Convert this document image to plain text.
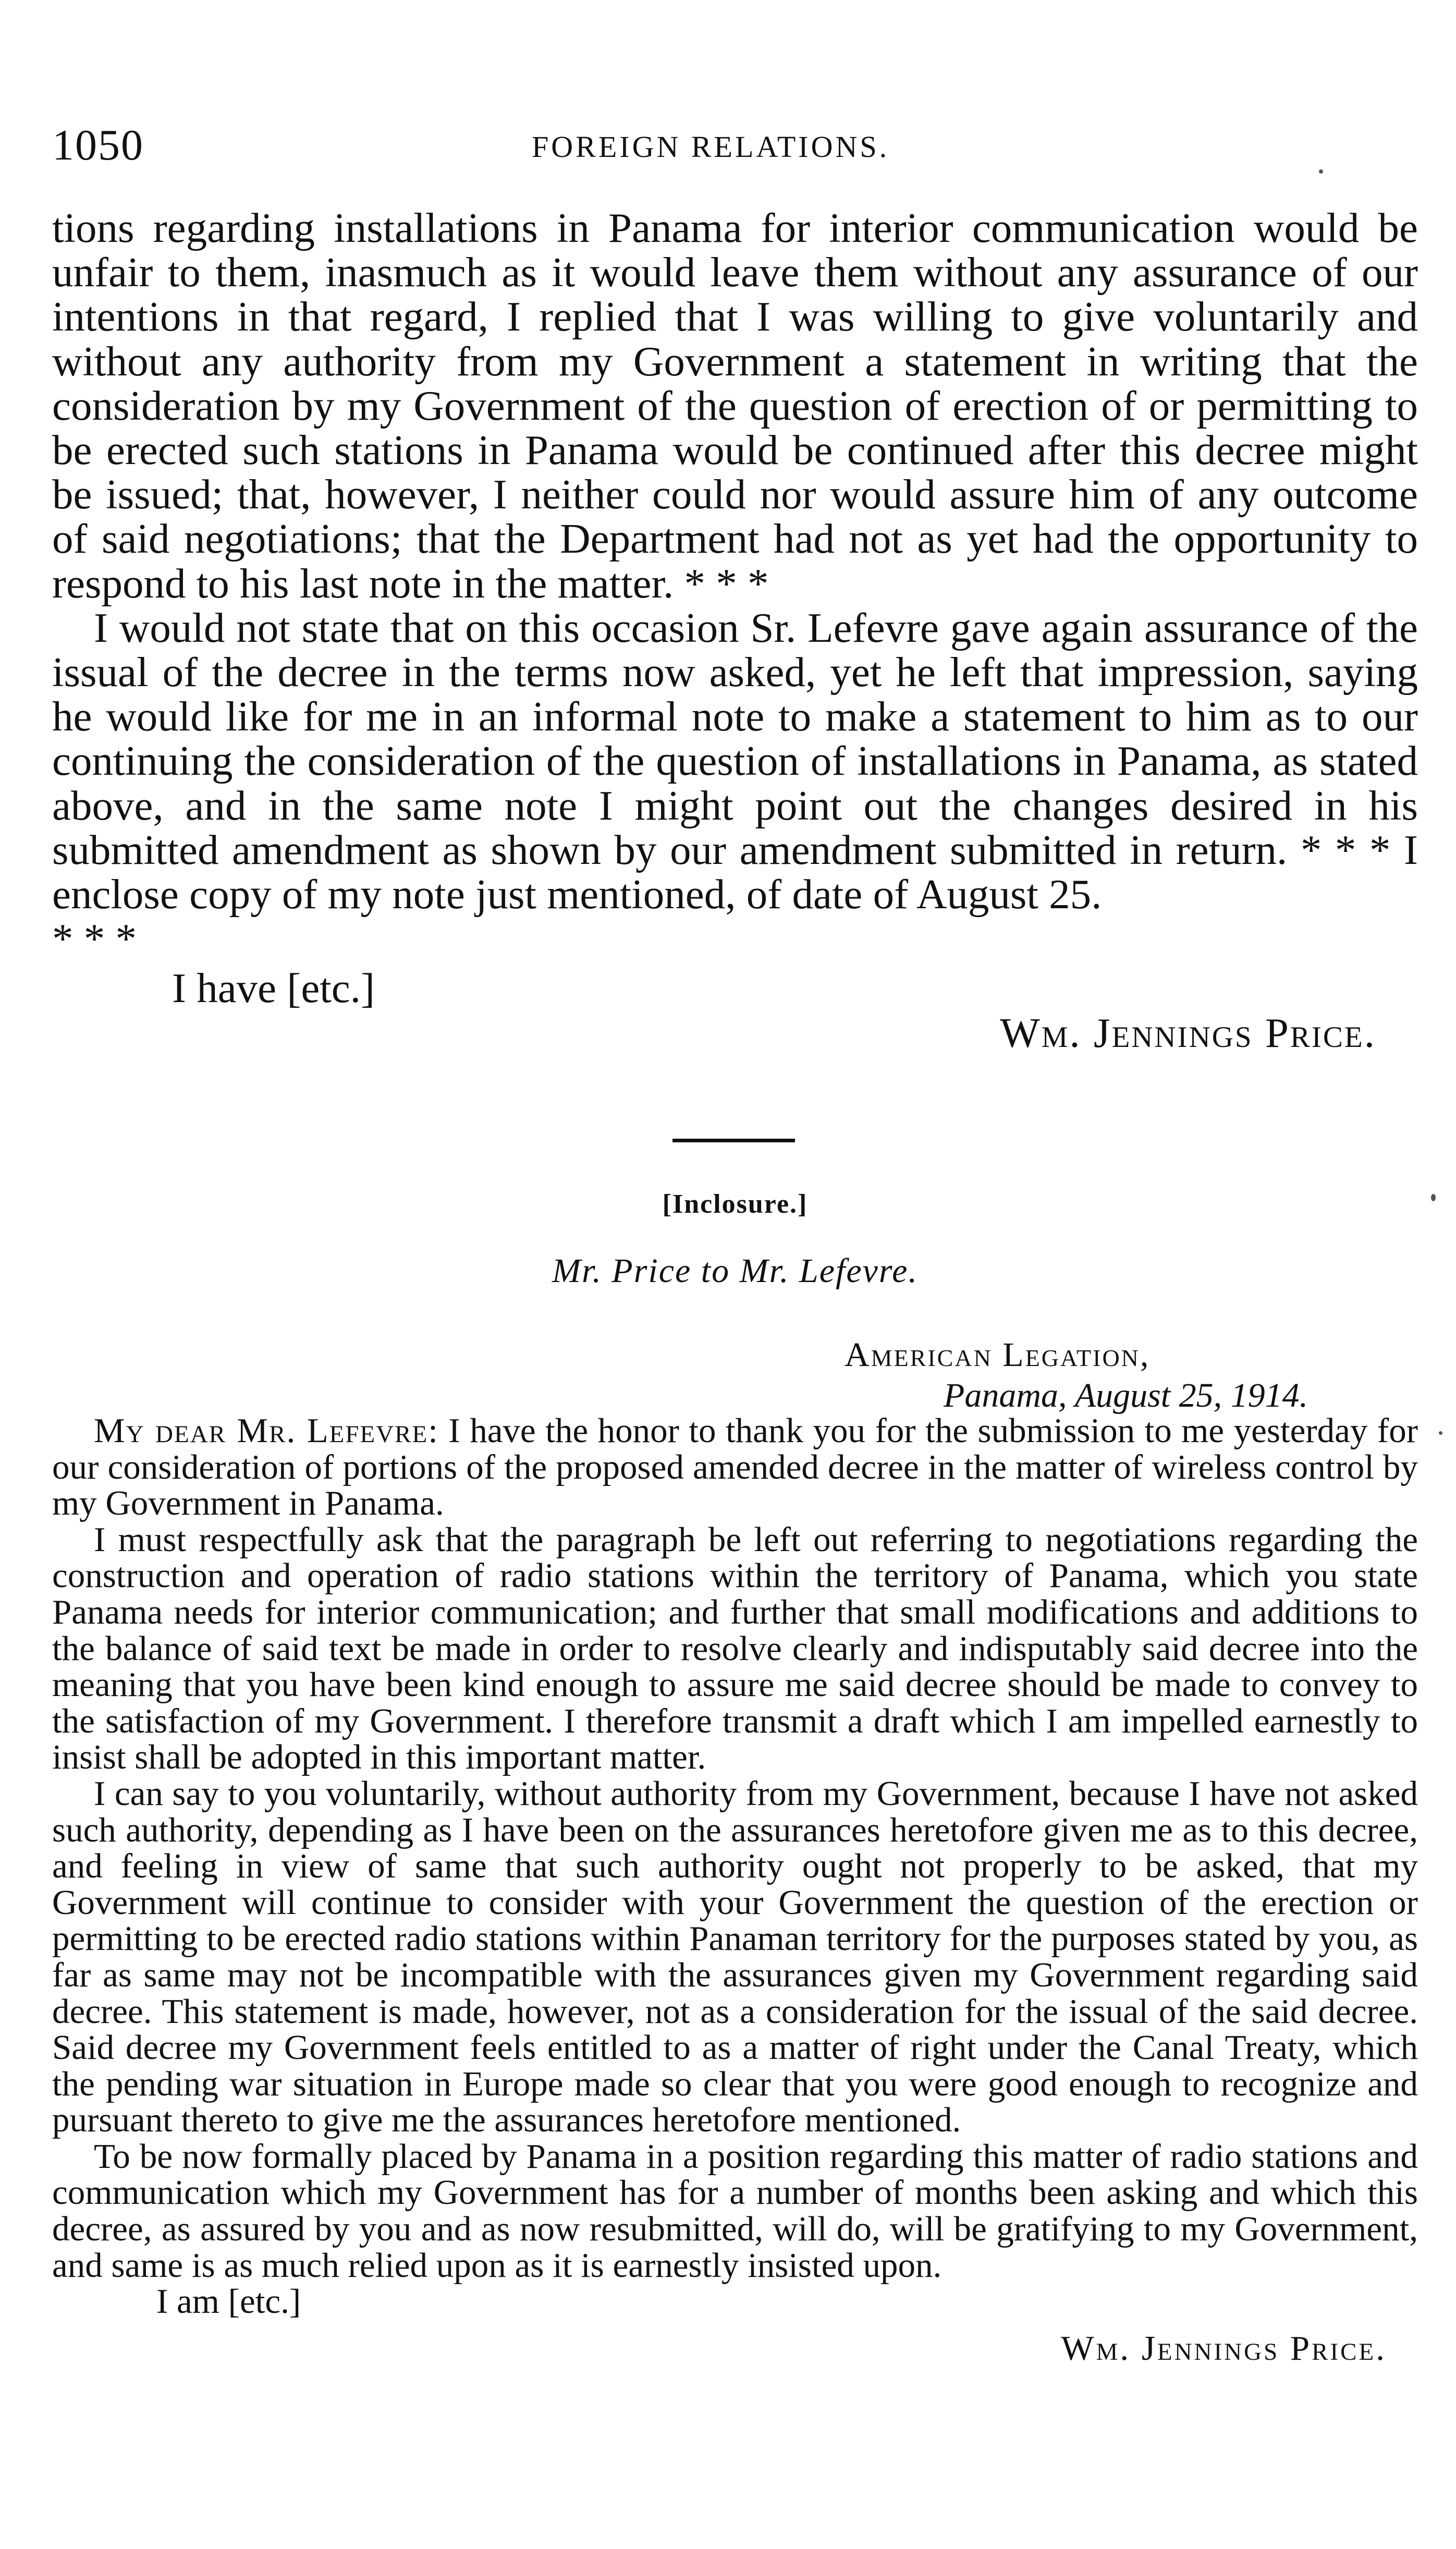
1050	FOREIGN RELATIONS.

tions regarding installations in Panama for interior communication would be unfair to them, inasmuch as it would leave them without any assurance of our intentions in that regard, I replied that I was willing to give voluntarily and without any authority from my Government a statement in writing that the consideration by my Government of the question of erection of or permitting to be erected such stations in Panama would be continued after this decree might be issued; that, however, I neither could nor would assure him of any outcome of said negotiations; that the Department had not as yet had the opportunity to respond to his last note in the matter. * * *

I would not state that on this occasion Sr. Lefevre gave again assurance of the issual of the decree in the terms now asked, yet he left that impression, saying he would like for me in an informal note to make a statement to him as to our continuing the consideration of the question of installations in Panama, as stated above, and in the same note I might point out the changes desired in his submitted amendment as shown by our amendment submitted in return. * * * I enclose copy of my note just mentioned, of date of August 25.

* * *

I have [etc.]

Wm. Jennings Price.

[Inclosure.]
Mr. Price to Mr. Lefevre.
American Legation,
Panama, August 25, 1914.

My dear Mr. Lefevre: I have the honor to thank you for the submission to me yesterday for our consideration of portions of the proposed amended decree in the matter of wireless control by my Government in Panama.

I must respectfully ask that the paragraph be left out referring to negotiations regarding the construction and operation of radio stations within the territory of Panama, which you state Panama needs for interior communication; and further that small modifications and additions to the balance of said text be made in order to resolve clearly and indisputably said decree into the meaning that you have been kind enough to assure me said decree should be made to convey to the satisfaction of my Government. I therefore transmit a draft which I am impelled earnestly to insist shall be adopted in this important matter.

I can say to you voluntarily, without authority from my Government, because I have not asked such authority, depending as I have been on the assurances heretofore given me as to this decree, and feeling in view of same that such authority ought not properly to be asked, that my Government will continue to consider with your Government the question of the erection or permitting to be erected radio stations within Panaman territory for the purposes stated by you, as far as same may not be incompatible with the assurances given my Government regarding said decree. This statement is made, however, not as a consideration for the issual of the said decree. Said decree my Government feels entitled to as a matter of right under the Canal Treaty, which the pending war situation in Europe made so clear that you were good enough to recognize and pursuant thereto to give me the assurances heretofore mentioned.

To be now formally placed by Panama in a position regarding this matter of radio stations and communication which my Government has for a number of months been asking and which this decree, as assured by you and as now resubmitted, will do, will be gratifying to my Government, and same is as much relied upon as it is earnestly insisted upon.

I am [etc.]

Wm. Jennings Price.
